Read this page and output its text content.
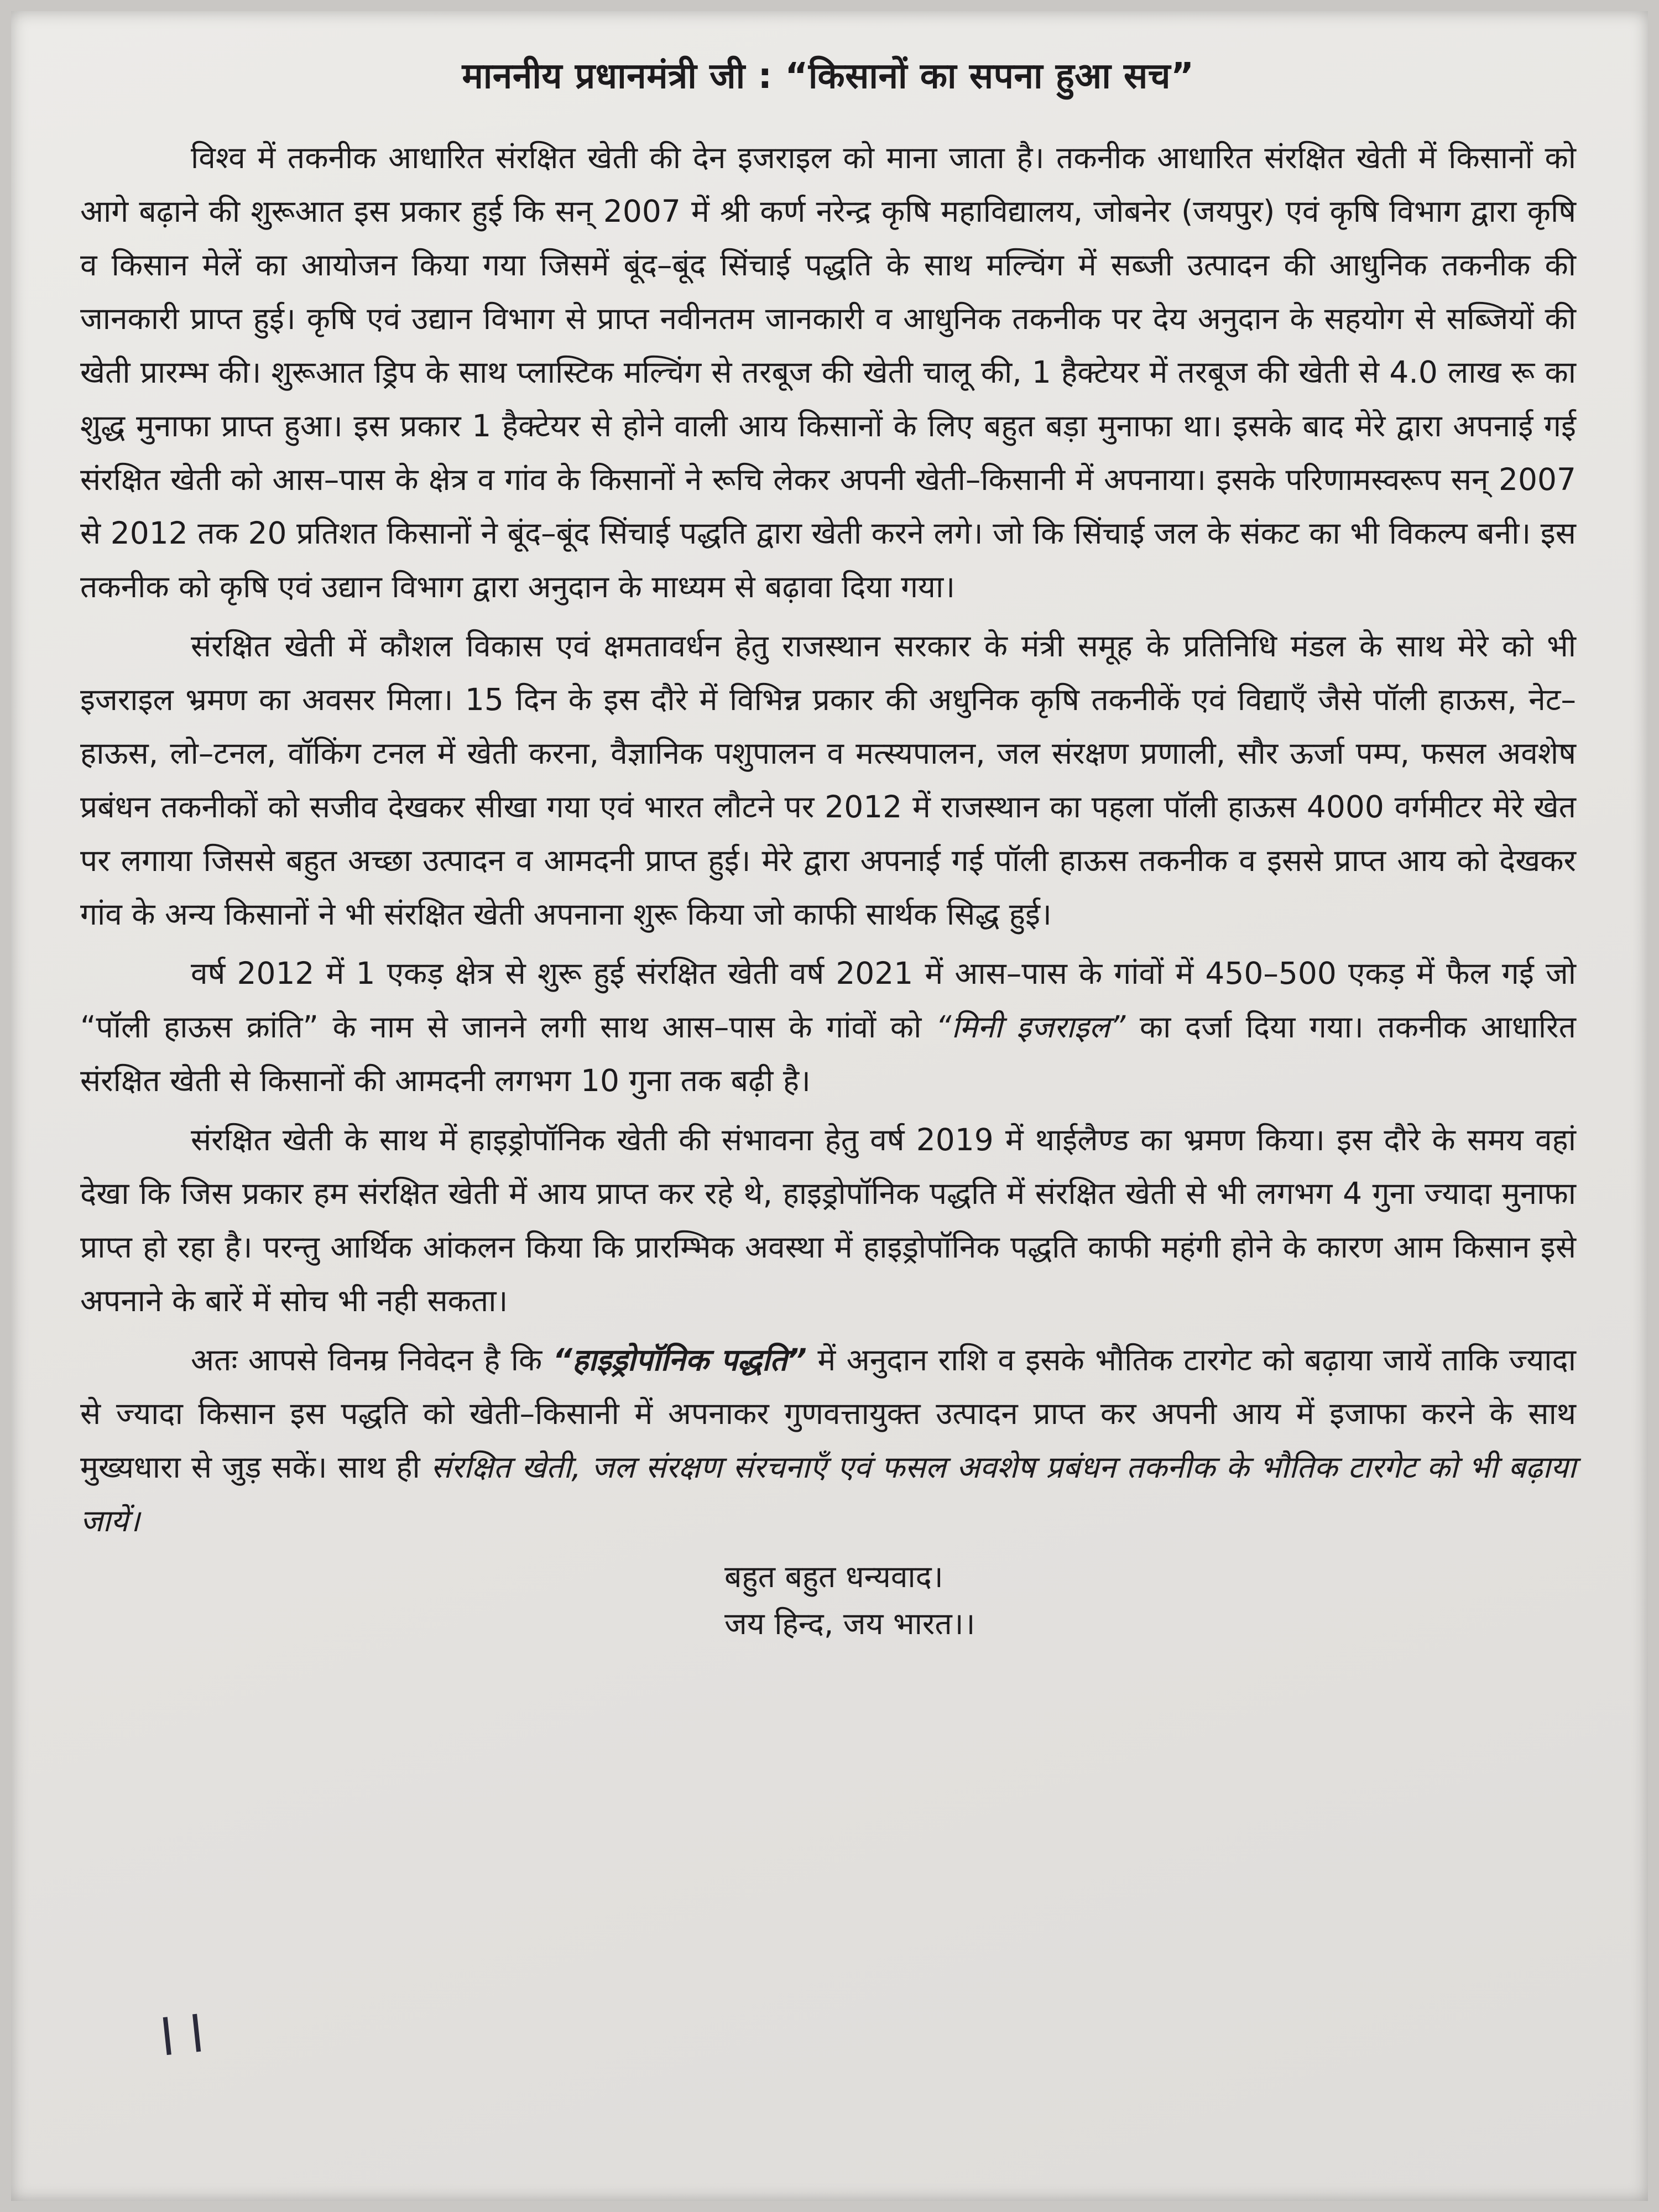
माननीय प्रधानमंत्री जी : “किसानों का सपना हुआ सच”

विश्व में तकनीक आधारित संरक्षित खेती की देन इजराइल को माना जाता है। तकनीक आधारित संरक्षित खेती में किसानों को आगे बढ़ाने की शुरूआत इस प्रकार हुई कि सन् 2007 में श्री कर्ण नरेन्द्र कृषि महाविद्यालय, जोबनेर (जयपुर) एवं कृषि विभाग द्वारा कृषि व किसान मेलें का आयोजन किया गया जिसमें बूंद–बूंद सिंचाई पद्धति के साथ मल्चिंग में सब्जी उत्पादन की आधुनिक तकनीक की जानकारी प्राप्त हुई। कृषि एवं उद्यान विभाग से प्राप्त नवीनतम जानकारी व आधुनिक तकनीक पर देय अनुदान के सहयोग से सब्जियों की खेती प्रारम्भ की। शुरूआत ड्रिप के साथ प्लास्टिक मल्चिंग से तरबूज की खेती चालू की, 1 हैक्टेयर में तरबूज की खेती से 4.0 लाख रू का शुद्ध मुनाफा प्राप्त हुआ। इस प्रकार 1 हैक्टेयर से होने वाली आय किसानों के लिए बहुत बड़ा मुनाफा था। इसके बाद मेरे द्वारा अपनाई गई संरक्षित खेती को आस–पास के क्षेत्र व गांव के किसानों ने रूचि लेकर अपनी खेती–किसानी में अपनाया। इसके परिणामस्वरूप सन् 2007 से 2012 तक 20 प्रतिशत किसानों ने बूंद–बूंद सिंचाई पद्धति द्वारा खेती करने लगे। जो कि सिंचाई जल के संकट का भी विकल्प बनी। इस तकनीक को कृषि एवं उद्यान विभाग द्वारा अनुदान के माध्यम से बढ़ावा दिया गया।

संरक्षित खेती में कौशल विकास एवं क्षमतावर्धन हेतु राजस्थान सरकार के मंत्री समूह के प्रतिनिधि मंडल के साथ मेरे को भी इजराइल भ्रमण का अवसर मिला। 15 दिन के इस दौरे में विभिन्न प्रकार की अधुनिक कृषि तकनीकें एवं विद्याएँ जैसे पॉली हाऊस, नेट–हाऊस, लो–टनल, वॉकिंग टनल में खेती करना, वैज्ञानिक पशुपालन व मत्स्यपालन, जल संरक्षण प्रणाली, सौर ऊर्जा पम्प, फसल अवशेष प्रबंधन तकनीकों को सजीव देखकर सीखा गया एवं भारत लौटने पर 2012 में राजस्थान का पहला पॉली हाऊस 4000 वर्गमीटर मेरे खेत पर लगाया जिससे बहुत अच्छा उत्पादन व आमदनी प्राप्त हुई। मेरे द्वारा अपनाई गई पॉली हाऊस तकनीक व इससे प्राप्त आय को देखकर गांव के अन्य किसानों ने भी संरक्षित खेती अपनाना शुरू किया जो काफी सार्थक सिद्ध हुई।

वर्ष 2012 में 1 एकड़ क्षेत्र से शुरू हुई संरक्षित खेती वर्ष 2021 में आस–पास के गांवों में 450–500 एकड़ में फैल गई जो “पॉली हाऊस क्रांति” के नाम से जानने लगी साथ आस–पास के गांवों को “मिनी इजराइल” का दर्जा दिया गया। तकनीक आधारित संरक्षित खेती से किसानों की आमदनी लगभग 10 गुना तक बढ़ी है।

संरक्षित खेती के साथ में हाइड्रोपॉनिक खेती की संभावना हेतु वर्ष 2019 में थाईलैण्ड का भ्रमण किया। इस दौरे के समय वहां देखा कि जिस प्रकार हम संरक्षित खेती में आय प्राप्त कर रहे थे, हाइड्रोपॉनिक पद्धति में संरक्षित खेती से भी लगभग 4 गुना ज्यादा मुनाफा प्राप्त हो रहा है। परन्तु आर्थिक आंकलन किया कि प्रारम्भिक अवस्था में हाइड्रोपॉनिक पद्धति काफी महंगी होने के कारण आम किसान इसे अपनाने के बारें में सोच भी नही सकता।

अतः आपसे विनम्र निवेदन है कि “हाइड्रोपॉनिक पद्धति” में अनुदान राशि व इसके भौतिक टारगेट को बढ़ाया जायें ताकि ज्यादा से ज्यादा किसान इस पद्धति को खेती–किसानी में अपनाकर गुणवत्तायुक्त उत्पादन प्राप्त कर अपनी आय में इजाफा करने के साथ मुख्यधारा से जुड़ सकें। साथ ही संरक्षित खेती, जल संरक्षण संरचनाएँ एवं फसल अवशेष प्रबंधन तकनीक के भौतिक टारगेट को भी बढ़ाया जायें।

बहुत बहुत धन्यवाद।
जय हिन्द, जय भारत।।
ا ا
